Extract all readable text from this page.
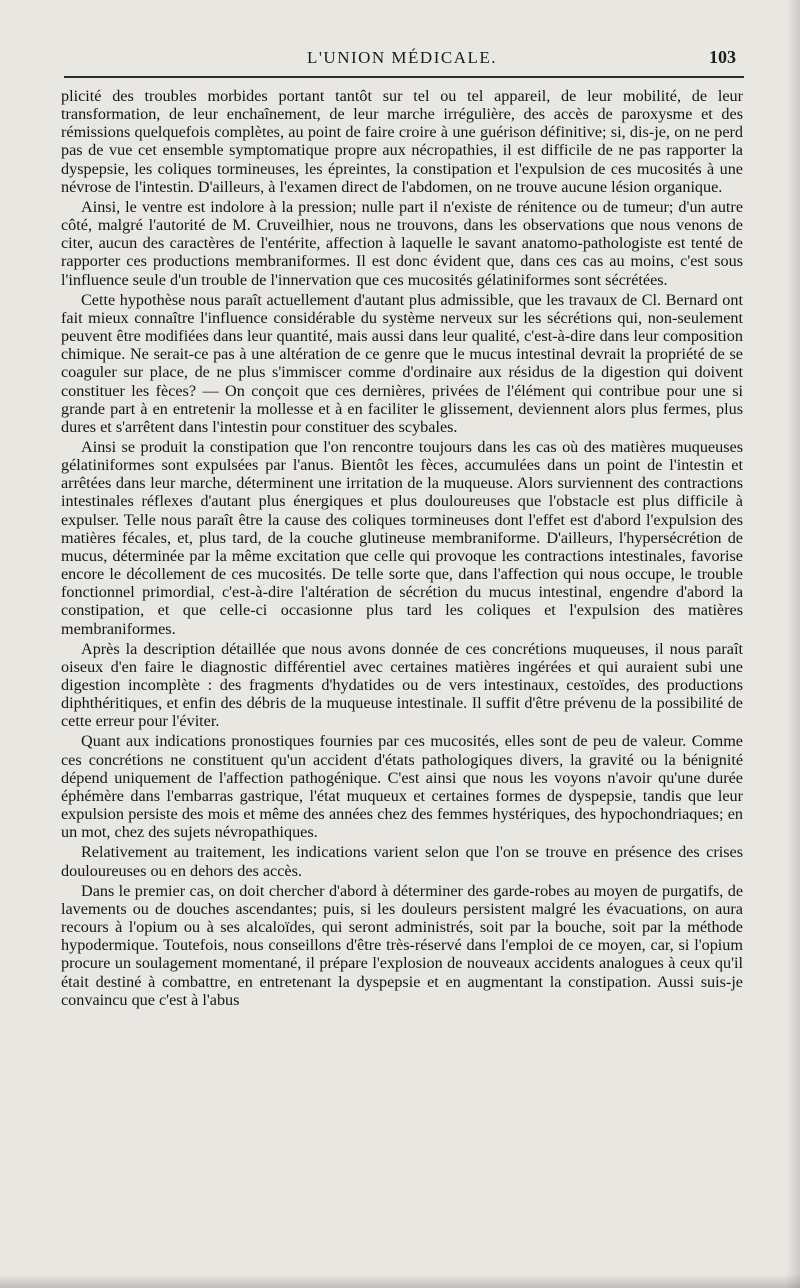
L'UNION MÉDICALE.	103

plicité des troubles morbides portant tantôt sur tel ou tel appareil, de leur mobilité, de leur transformation, de leur enchaînement, de leur marche irrégulière, des accès de paroxysme et des rémissions quelquefois complètes, au point de faire croire à une guérison définitive; si, dis-je, on ne perd pas de vue cet ensemble symptomatique propre aux nécropathies, il est difficile de ne pas rapporter la dyspepsie, les coliques tormineuses, les épreintes, la constipation et l'expulsion de ces mucosités à une névrose de l'intestin. D'ailleurs, à l'examen direct de l'abdomen, on ne trouve aucune lésion organique.

Ainsi, le ventre est indolore à la pression; nulle part il n'existe de rénitence ou de tumeur; d'un autre côté, malgré l'autorité de M. Cruveilhier, nous ne trouvons, dans les observations que nous venons de citer, aucun des caractères de l'entérite, affection à laquelle le savant anatomo-pathologiste est tenté de rapporter ces productions membraniformes. Il est donc évident que, dans ces cas au moins, c'est sous l'influence seule d'un trouble de l'innervation que ces mucosités gélatiniformes sont sécrétées.

Cette hypothèse nous paraît actuellement d'autant plus admissible, que les travaux de Cl. Bernard ont fait mieux connaître l'influence considérable du système nerveux sur les sécrétions qui, non-seulement peuvent être modifiées dans leur quantité, mais aussi dans leur qualité, c'est-à-dire dans leur composition chimique. Ne serait-ce pas à une altération de ce genre que le mucus intestinal devrait la propriété de se coaguler sur place, de ne plus s'immiscer comme d'ordinaire aux résidus de la digestion qui doivent constituer les fèces? — On conçoit que ces dernières, privées de l'élément qui contribue pour une si grande part à en entretenir la mollesse et à en faciliter le glissement, deviennent alors plus fermes, plus dures et s'arrêtent dans l'intestin pour constituer des scybales.

Ainsi se produit la constipation que l'on rencontre toujours dans les cas où des matières muqueuses gélatiniformes sont expulsées par l'anus. Bientôt les fèces, accumulées dans un point de l'intestin et arrêtées dans leur marche, déterminent une irritation de la muqueuse. Alors surviennent des contractions intestinales réflexes d'autant plus énergiques et plus douloureuses que l'obstacle est plus difficile à expulser. Telle nous paraît être la cause des coliques tormineuses dont l'effet est d'abord l'expulsion des matières fécales, et, plus tard, de la couche glutineuse membraniforme. D'ailleurs, l'hypersécrétion de mucus, déterminée par la même excitation que celle qui provoque les contractions intestinales, favorise encore le décollement de ces mucosités. De telle sorte que, dans l'affection qui nous occupe, le trouble fonctionnel primordial, c'est-à-dire l'altération de sécrétion du mucus intestinal, engendre d'abord la constipation, et que celle-ci occasionne plus tard les coliques et l'expulsion des matières membraniformes.

Après la description détaillée que nous avons donnée de ces concrétions muqueuses, il nous paraît oiseux d'en faire le diagnostic différentiel avec certaines matières ingérées et qui auraient subi une digestion incomplète : des fragments d'hydatides ou de vers intestinaux, cestoïdes, des productions diphthéritiques, et enfin des débris de la muqueuse intestinale. Il suffit d'être prévenu de la possibilité de cette erreur pour l'éviter.

Quant aux indications pronostiques fournies par ces mucosités, elles sont de peu de valeur. Comme ces concrétions ne constituent qu'un accident d'états pathologiques divers, la gravité ou la bénignité dépend uniquement de l'affection pathogénique. C'est ainsi que nous les voyons n'avoir qu'une durée éphémère dans l'embarras gastrique, l'état muqueux et certaines formes de dyspepsie, tandis que leur expulsion persiste des mois et même des années chez des femmes hystériques, des hypochondriaques; en un mot, chez des sujets névropathiques.

Relativement au traitement, les indications varient selon que l'on se trouve en présence des crises douloureuses ou en dehors des accès.

Dans le premier cas, on doit chercher d'abord à déterminer des garde-robes au moyen de purgatifs, de lavements ou de douches ascendantes; puis, si les douleurs persistent malgré les évacuations, on aura recours à l'opium ou à ses alcaloïdes, qui seront administrés, soit par la bouche, soit par la méthode hypodermique. Toutefois, nous conseillons d'être très-réservé dans l'emploi de ce moyen, car, si l'opium procure un soulagement momentané, il prépare l'explosion de nouveaux accidents analogues à ceux qu'il était destiné à combattre, en entretenant la dyspepsie et en augmentant la constipation. Aussi suis-je convaincu que c'est à l'abus
